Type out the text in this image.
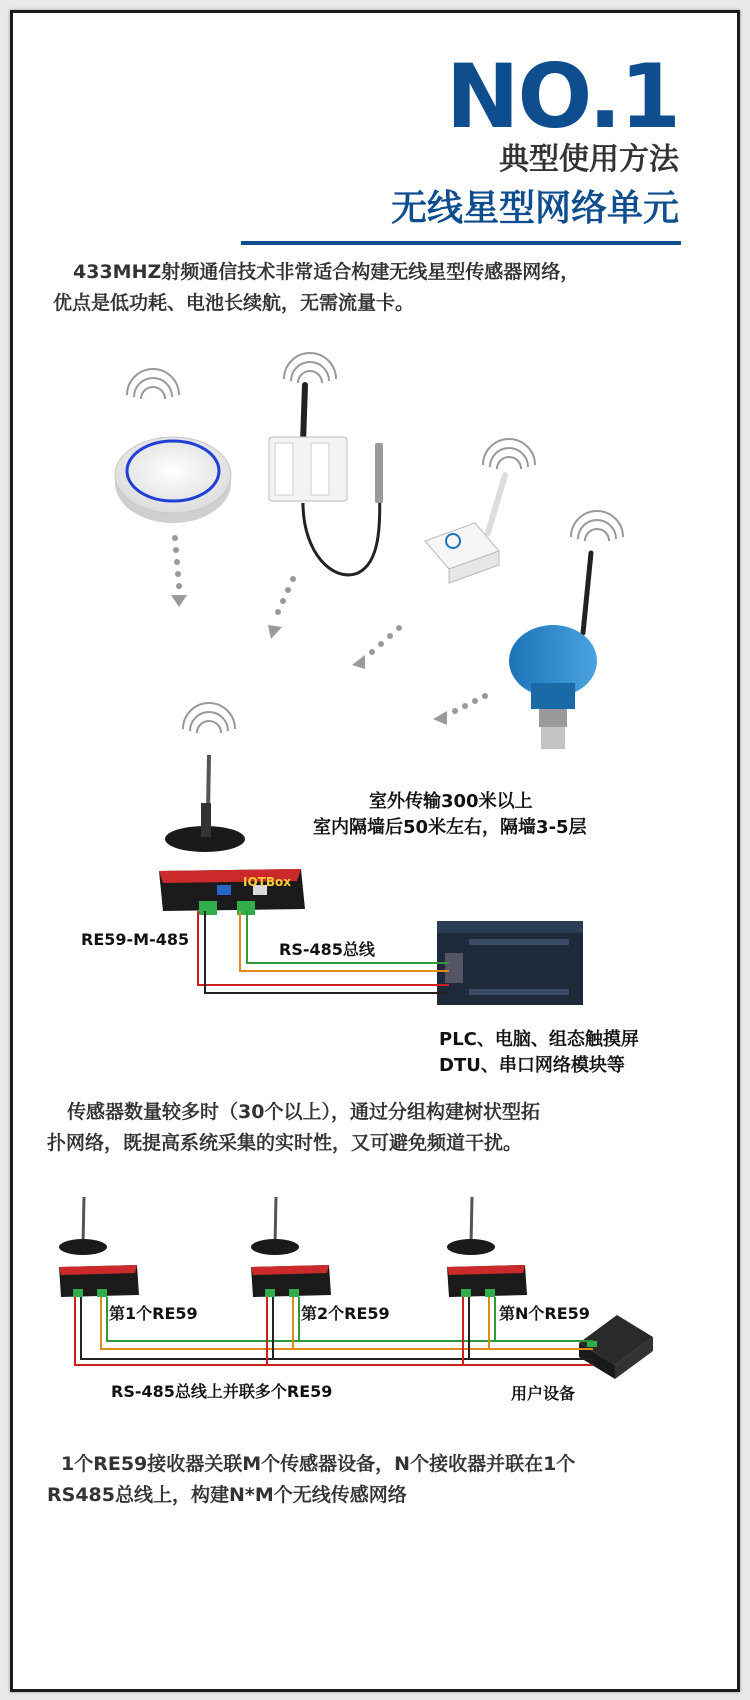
NO.1
典型使用方法
无线星型网络单元
433MHZ射频通信技术非常适合构建无线星型传感器网络，
优点是低功耗、电池长续航，无需流量卡。
室外传输300米以上
室内隔墙后50米左右，隔墙3-5层
IOTBox
RE59-M-485
RS-485总线
PLC、电脑、组态触摸屏
DTU、串口网络模块等
传感器数量较多时（30个以上），通过分组构建树状型拓
扑网络，既提高系统采集的实时性，又可避免频道干扰。
第1个RE59	第2个RE59	第N个RE59
RS-485总线上并联多个RE59	用户设备
1个RE59接收器关联M个传感器设备，N个接收器并联在1个
RS485总线上，构建N*M个无线传感网络
